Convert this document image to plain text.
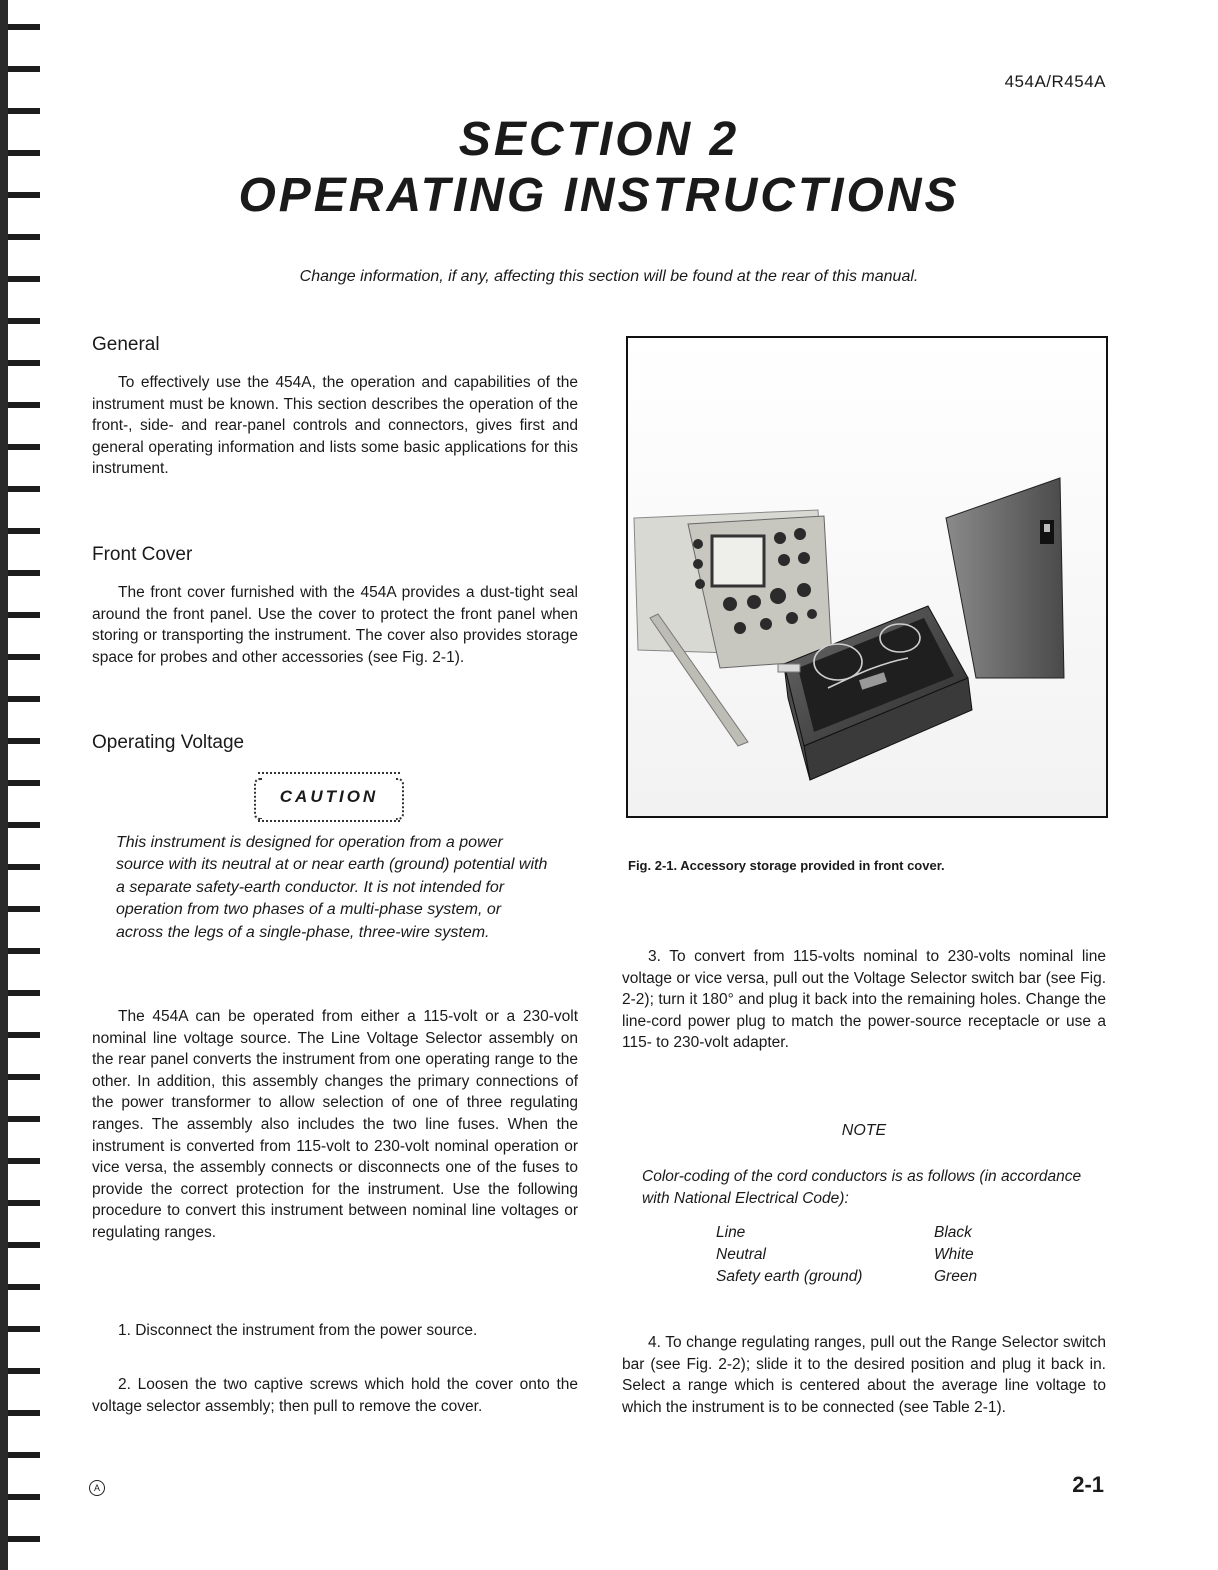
454A/R454A
SECTION 2
OPERATING INSTRUCTIONS
Change information, if any, affecting this section will be found at the rear of this manual.
General

To effectively use the 454A, the operation and capabilities of the instrument must be known. This section describes the operation of the front-, side- and rear-panel controls and connectors, gives first and general operating information and lists some basic applications for this instrument.

Front Cover

The front cover furnished with the 454A provides a dust-tight seal around the front panel. Use the cover to protect the front panel when storing or transporting the instrument. The cover also provides storage space for probes and other accessories (see Fig. 2-1).

Operating Voltage
CAUTION

This instrument is designed for operation from a power source with its neutral at or near earth (ground) potential with a separate safety-earth conductor. It is not intended for operation from two phases of a multi-phase system, or across the legs of a single-phase, three-wire system.

The 454A can be operated from either a 115-volt or a 230-volt nominal line voltage source. The Line Voltage Selector assembly on the rear panel converts the instrument from one operating range to the other. In addition, this assembly changes the primary connections of the power transformer to allow selection of one of three regulating ranges. The assembly also includes the two line fuses. When the instrument is converted from 115-volt to 230-volt nominal operation or vice versa, the assembly connects or disconnects one of the fuses to provide the correct protection for the instrument. Use the following procedure to convert this instrument between nominal line voltages or regulating ranges.

1. Disconnect the instrument from the power source.

2. Loosen the two captive screws which hold the cover onto the voltage selector assembly; then pull to remove the cover.

Fig. 2-1. Accessory storage provided in front cover.

3. To convert from 115-volts nominal to 230-volts nominal line voltage or vice versa, pull out the Voltage Selector switch bar (see Fig. 2-2); turn it 180° and plug it back into the remaining holes. Change the line-cord power plug to match the power-source receptacle or use a 115- to 230-volt adapter.

NOTE

Color-coding of the cord conductors is as follows (in accordance with National Electrical Code):

Line	Black
Neutral	White
Safety earth (ground)	Green

4. To change regulating ranges, pull out the Range Selector switch bar (see Fig. 2-2); slide it to the desired position and plug it back in. Select a range which is centered about the average line voltage to which the instrument is to be connected (see Table 2-1).

A	2-1
